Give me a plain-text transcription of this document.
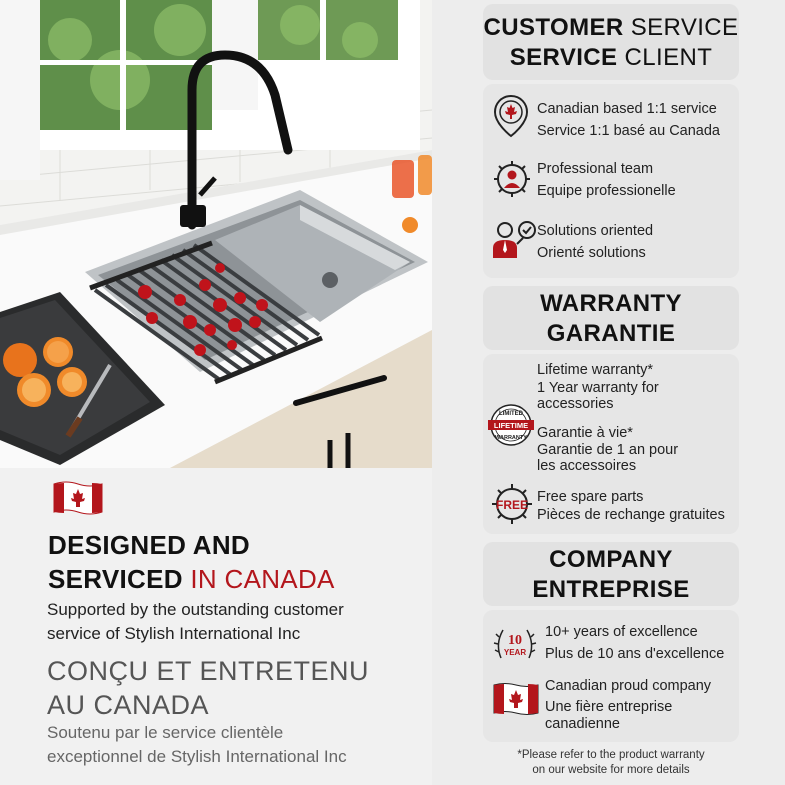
DESIGNED AND
SERVICED IN CANADA
Supported by the outstanding customer
service of Stylish International Inc
CONÇU ET ENTRETENU
AU CANADA
Soutenu par le service clientèle
exceptionnel de Stylish International Inc
CUSTOMER SERVICE
SERVICE CLIENT
Canadian based 1:1 service
Service 1:1 basé au Canada
Professional team
Equipe professionelle
Solutions oriented
Orienté solutions
WARRANTY
GARANTIE
LIMITED
LIFETIME
WARRANTY
Lifetime warranty*
1 Year warranty for
accessories
Garantie à vie*
Garantie de 1 an pour
les accessoires
FREE Free spare parts
Pièces de rechange gratuites
COMPANY
ENTREPRISE
10
YEAR
10+ years of excellence
Plus de 10 ans d'excellence
Canadian proud company
Une fière entreprise
canadienne
*Please refer to the product warranty
on our website for more details
